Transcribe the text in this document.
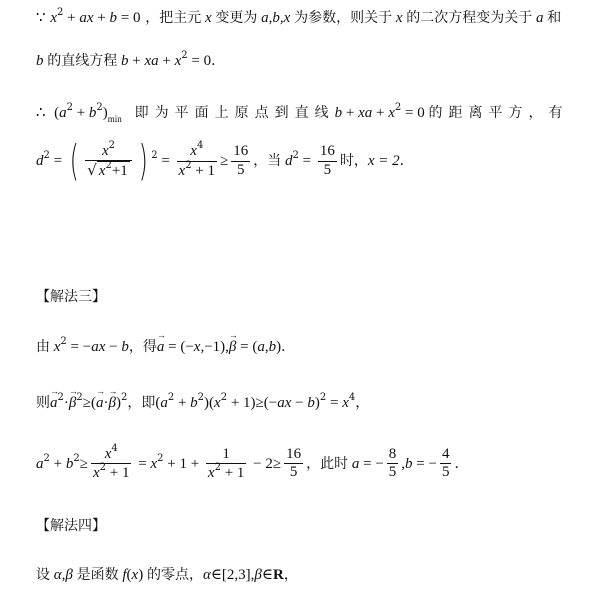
∵ $x^2$ + ax + b = 0 ，把主元 x 变更为 a,b,x 为参数，则关于 x 的二次方程变为关于 a 和
b 的直线方程 b + xa + $x^2 = 0$．
∴  $(a^2 + b^2)_{min}$ 即为平面上原点到直线b + xa + $x^2 = 0$ 的距离平方，有
$d^2$ = ( $\frac{x^2}{√ x^2+1}$ ) $^2 = \frac{x^4}{x^2 + 1} \ge \frac{16}{5}$ ，当 $d^2 = \frac{16}{5}$ 时，x = 2．
【解法三】
由 $x^2 = -ax - b$，得→ a = (−x,−1),→ β = (a,b)．
则→ $a^2\cdot\to \beta^2\ge(\to a\cdot\to \beta)^2$，即$(a^2 + b^2)(x^2 + 1)\ge(-ax - b)^2 = x^4$，
$a^2 + b^2\ge \frac{x^4}{x^2 + 1} = x^2 + 1 + \frac{1}{x^2 + 1} - 2\ge \frac{16}{5}$ ，此时 a = − $\frac{8}{5} ,b$ = − $\frac{4}{5}$ ．
【解法四】
设 α,β 是函数 f(x) 的零点，α∈[2,3],β∈R，
